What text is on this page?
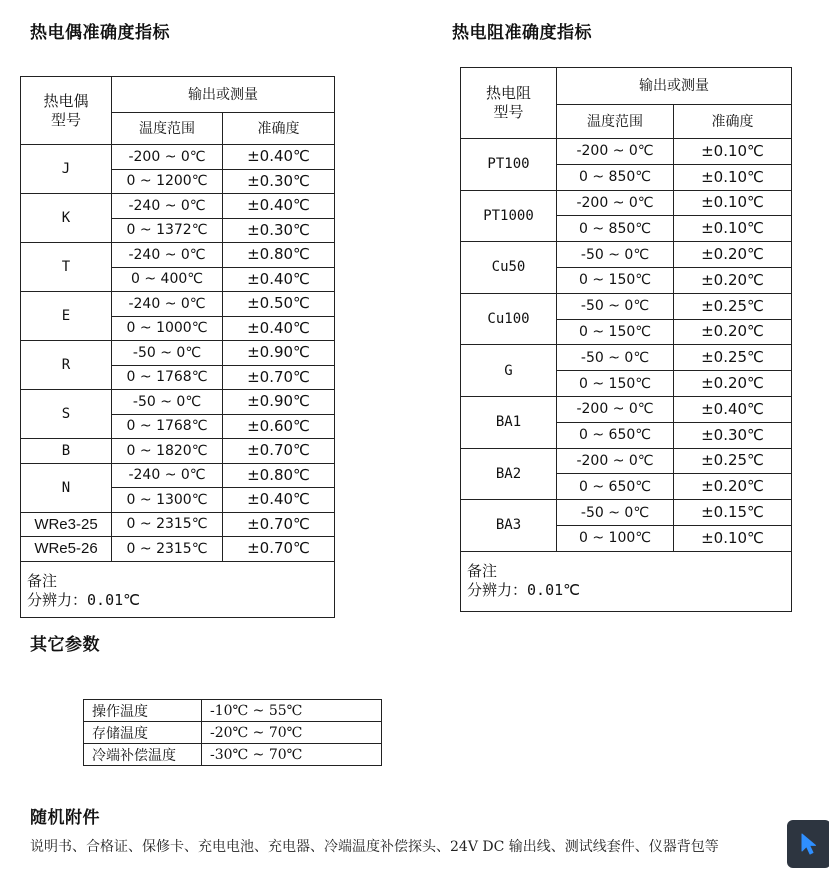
热电偶准确度指标	热电阻准确度指标
热电偶
型号	输出或测量	
	温度范围	准确度
J	-200 ~ 0℃	±0.40℃
	0 ~ 1200℃	±0.30℃
K	-240 ~ 0℃	±0.40℃
	0 ~ 1372℃	±0.30℃
T	-240 ~ 0℃	±0.80℃
	0 ~ 400℃	±0.40℃
E	-240 ~ 0℃	±0.50℃
	0 ~ 1000℃	±0.40℃
R	-50 ~ 0℃	±0.90℃
	0 ~ 1768℃	±0.70℃
S	-50 ~ 0℃	±0.90℃
	0 ~ 1768℃	±0.60℃
B	0 ~ 1820℃	±0.70℃
N	-240 ~ 0℃	±0.80℃
	0 ~ 1300℃	±0.40℃
WRe3-25	0 ~ 2315℃	±0.70℃
WRe5-26	0 ~ 2315℃	±0.70℃

备注
分辨力：0.01℃		
热电阻
型号	输出或测量	
	温度范围	准确度
PT100	-200 ~ 0℃	±0.10℃
	0 ~ 850℃	±0.10℃
PT1000	-200 ~ 0℃	±0.10℃
	0 ~ 850℃	±0.10℃
Cu50	-50 ~ 0℃	±0.20℃
	0 ~ 150℃	±0.20℃
Cu100	-50 ~ 0℃	±0.25℃
	0 ~ 150℃	±0.20℃
G	-50 ~ 0℃	±0.25℃
	0 ~ 150℃	±0.20℃
BA1	-200 ~ 0℃	±0.40℃
	0 ~ 650℃	±0.30℃
BA2	-200 ~ 0℃	±0.25℃
	0 ~ 650℃	±0.20℃
BA3	-50 ~ 0℃	±0.15℃
	0 ~ 100℃	±0.10℃

备注
分辨力：0.01℃		
其它参数
操作温度	-10℃ ~ 55℃
存储温度	-20℃ ~ 70℃
冷端补偿温度	-30℃ ~ 70℃
随机附件

说明书、合格证、保修卡、充电电池、充电器、冷端温度补偿探头、24V DC 输出线、测试线套件、仪器背包等
